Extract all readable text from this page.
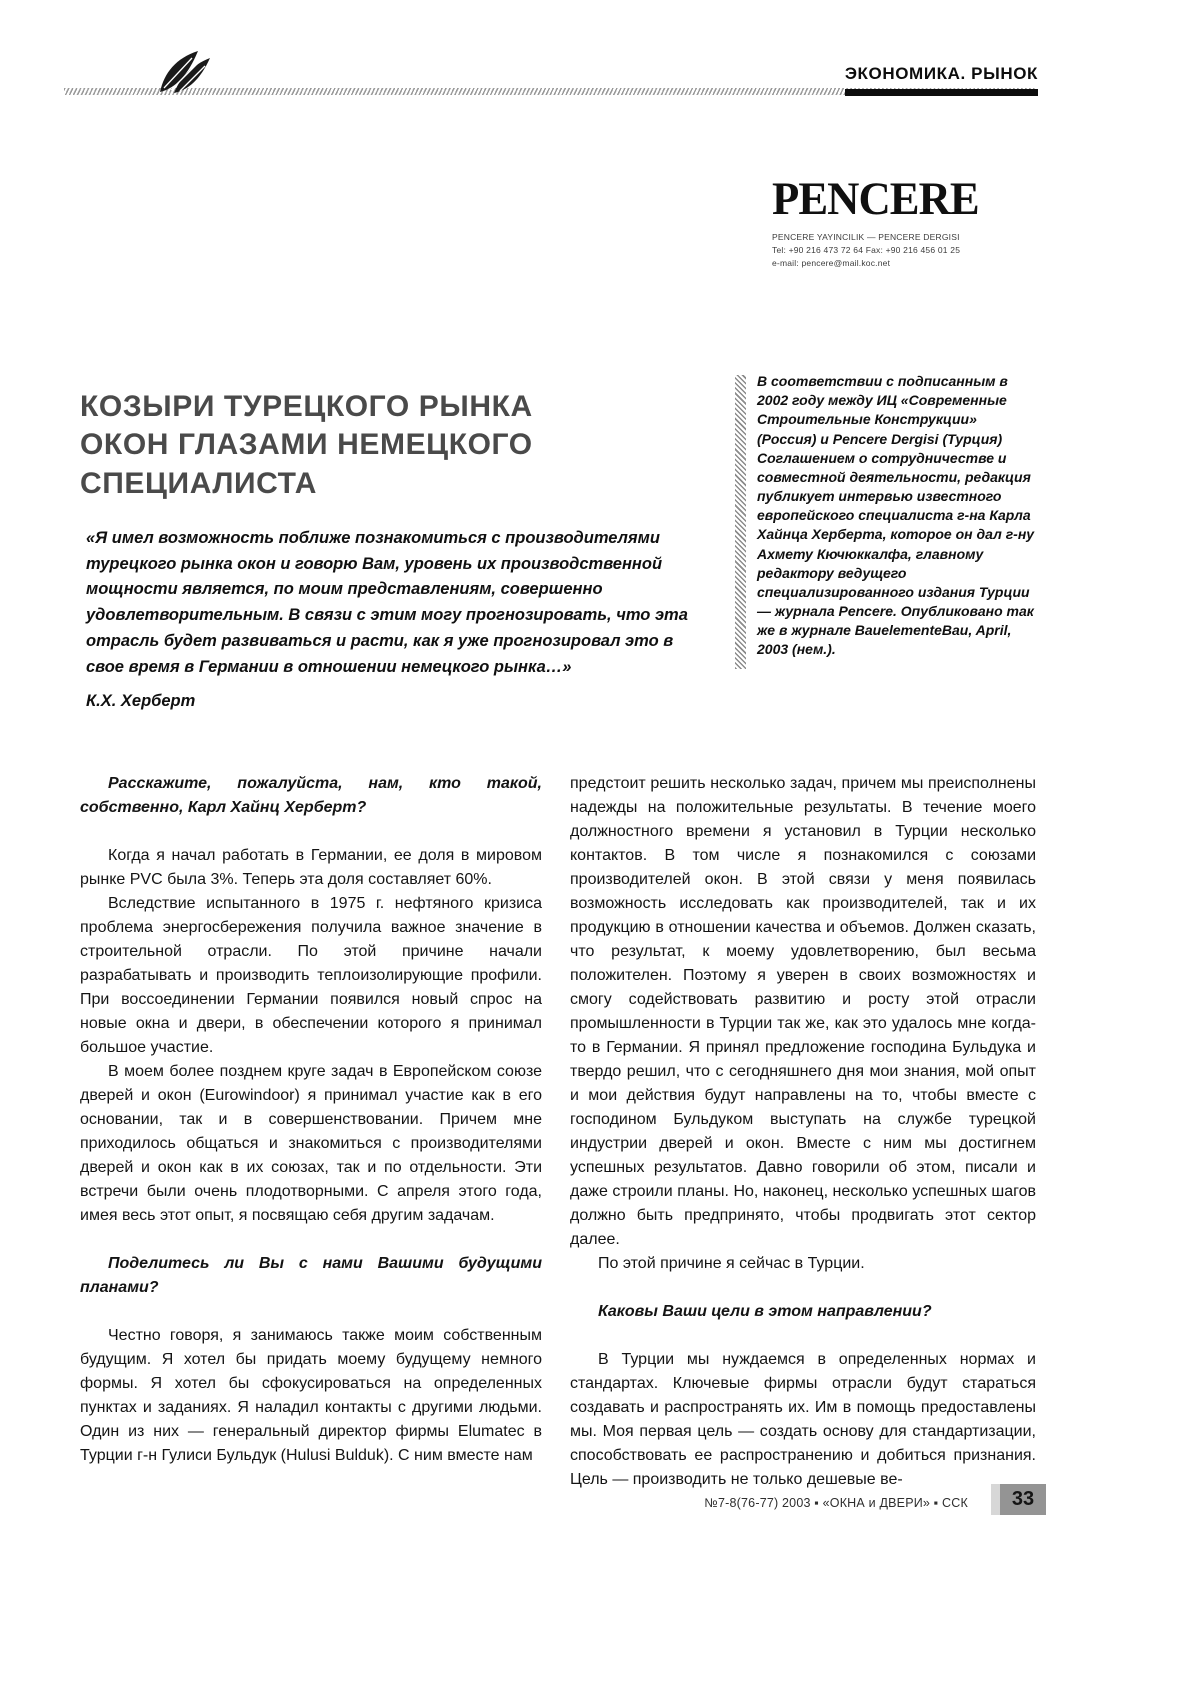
ЭКОНОМИКА. РЫНОК
PENCERE
PENCERE YAYINCILIK — PENCERE DERGISI
Tel: +90 216 473 72 64 Fax: +90 216 456 01 25
e-mail: pencere@mail.koc.net
КОЗЫРИ ТУРЕЦКОГО РЫНКА
ОКОН ГЛАЗАМИ НЕМЕЦКОГО
СПЕЦИАЛИСТА
«Я имел возможность поближе познакомиться с производителями турецкого рынка окон и говорю Вам, уровень их производственной мощности является, по моим представлениям, совершенно удовлетворительным. В связи с этим могу прогнозировать, что эта отрасль будет развиваться и расти, как я уже прогнозировал это в свое время в Германии в отношении немецкого рынка…»
К.Х. Херберт
В соответствии с подписанным в 2002 году между ИЦ «Современные Строительные Конструкции» (Россия) и Pencere Dergisi (Турция) Соглашением о сотрудничестве и совместной деятельности, редакция публикует интервью известного европейского специалиста г-на Карла Хайнца Херберта, которое он дал г-ну Ахмету Кючюккалфа, главному редактору ведущего специализированного издания Турции — журнала Pencere. Опубликовано так же в журнале BauelementeBau, April, 2003 (нем.).

Расскажите, пожалуйста, нам, кто такой, собственно, Карл Хайнц Херберт?

Когда я начал работать в Германии, ее доля в мировом рынке PVC была 3%. Теперь эта доля составляет 60%.

Вследствие испытанного в 1975 г. нефтяного кризиса проблема энергосбережения получила важное значение в строительной отрасли. По этой причине начали разрабатывать и производить теплоизолирующие профили. При воссоединении Германии появился новый спрос на новые окна и двери, в обеспечении которого я принимал большое участие.

В моем более позднем круге задач в Европейском союзе дверей и окон (Eurowindoor) я принимал участие как в его основании, так и в совершенствовании. Причем мне приходилось общаться и знакомиться с производителями дверей и окон как в их союзах, так и по отдельности. Эти встречи были очень плодотворными. С апреля этого года, имея весь этот опыт, я посвящаю себя другим задачам.

Поделитесь ли Вы с нами Вашими будущими планами?

Честно говоря, я занимаюсь также моим собственным будущим. Я хотел бы придать моему будущему немного формы. Я хотел бы сфокусироваться на определенных пунктах и заданиях. Я наладил контакты с другими людьми. Один из них — генеральный директор фирмы Elumatec в Турции г-н Гулиси Бульдук (Hulusi Bulduk). С ним вместе нам

предстоит решить несколько задач, причем мы преисполнены надежды на положительные результаты. В течение моего должностного времени я установил в Турции несколько контактов. В том числе я познакомился с союзами производителей окон. В этой связи у меня появилась возможность исследовать как производителей, так и их продукцию в отношении качества и объемов. Должен сказать, что результат, к моему удовлетворению, был весьма положителен. Поэтому я уверен в своих возможностях и смогу содействовать развитию и росту этой отрасли промышленности в Турции так же, как это удалось мне когда-то в Германии. Я принял предложение господина Бульдука и твердо решил, что с сегодняшнего дня мои знания, мой опыт и мои действия будут направлены на то, чтобы вместе с господином Бульдуком выступать на службе турецкой индустрии дверей и окон. Вместе с ним мы достигнем успешных результатов. Давно говорили об этом, писали и даже строили планы. Но, наконец, несколько успешных шагов должно быть предпринято, чтобы продвигать этот сектор далее.

По этой причине я сейчас в Турции.

Каковы Ваши цели в этом направлении?

В Турции мы нуждаемся в определенных нормах и стандартах. Ключевые фирмы отрасли будут стараться создавать и распространять их. Им в помощь предоставлены мы. Моя первая цель — создать основу для стандартизации, способствовать ее распространению и добиться признания. Цель — производить не только дешевые ве-

№7-8(76-77) 2003 ▪ «ОКНА и ДВЕРИ» ▪ ССК	33
